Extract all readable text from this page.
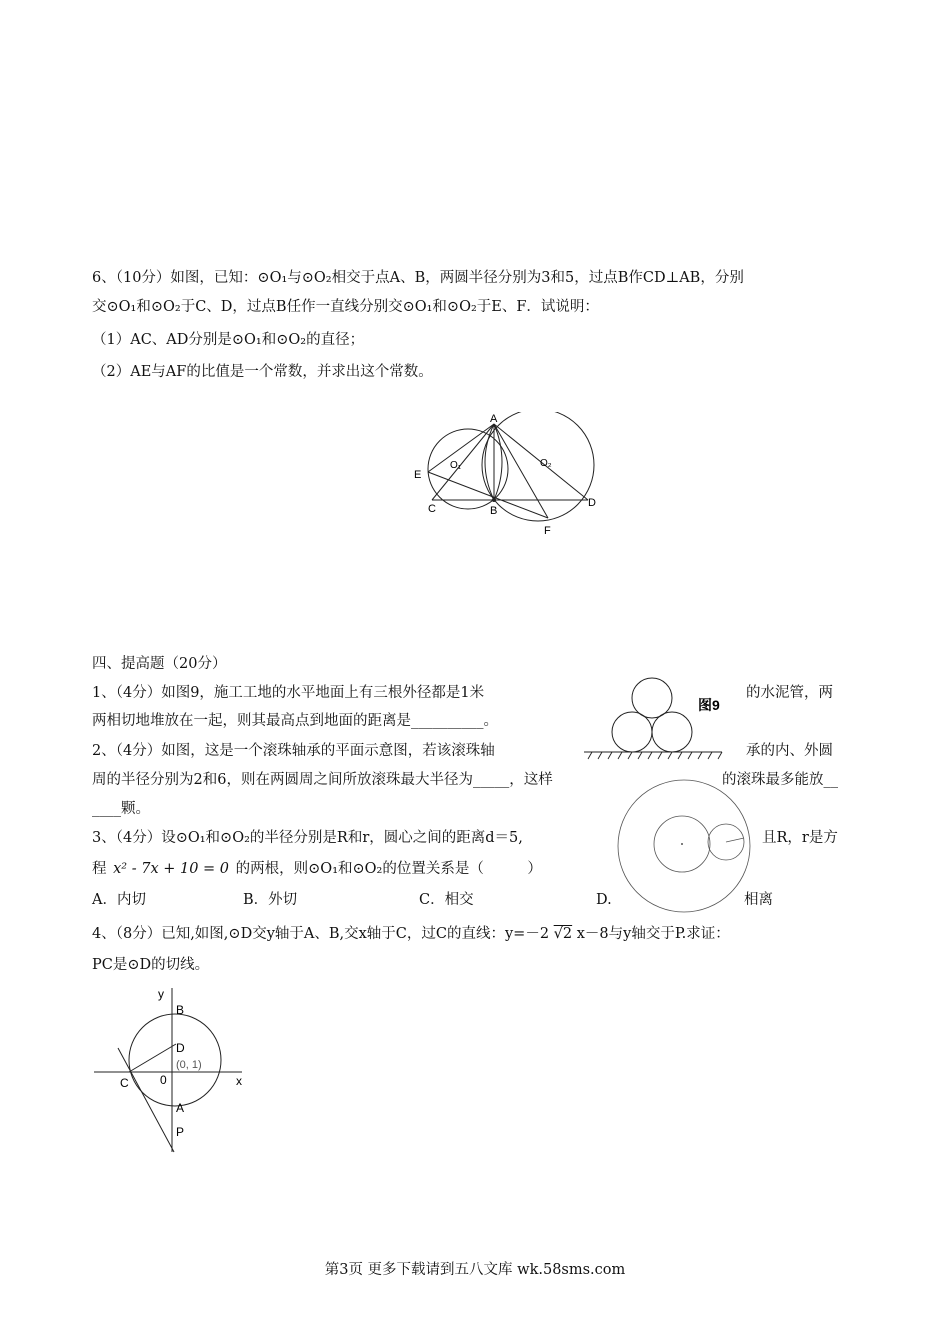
6、（10分）如图，已知：⊙O₁与⊙O₂相交于点A、B，两圆半径分别为3和5，过点B作CD⊥AB，分别
交⊙O₁和⊙O₂于C、D，过点B任作一直线分别交⊙O₁和⊙O₂于E、F．试说明：
（1）AC、AD分别是⊙O₁和⊙O₂的直径；
（2）AE与AF的比值是一个常数，并求出这个常数。
A
E
O₁	O₂
C	B
D
F
四、提高题（20分）
1、（4分）如图9，施工工地的水平地面上有三根外径都是1米	的水泥管，两
两相切地堆放在一起，则其最高点到地面的距离是__________。
图9
2、（4分）如图，这是一个滚珠轴承的平面示意图，若该滚珠轴	承的内、外圆
周的半径分别为2和6，则在两圆周之间所放滚珠最大半径为_____，这样	的滚珠最多能放__
____颗。
3、（4分）设⊙O₁和⊙O₂的半径分别是R和r，圆心之间的距离d＝5,	且R，r是方
程 x² - 7x + 10 = 0 的两根，则⊙O₁和⊙O₂的位置关系是（　　　）
A．内切	B．外切	C．相交	D.	相离
4、（8分）已知,如图,⊙D交y轴于A、B,交x轴于C，过C的直线：y=－2 √2 x－8与y轴交于P.求证：
PC是⊙D的切线。
y
B
D
(0, 1)
C	0	x
A
P
第3页 更多下载请到五八文库 wk.58sms.com
